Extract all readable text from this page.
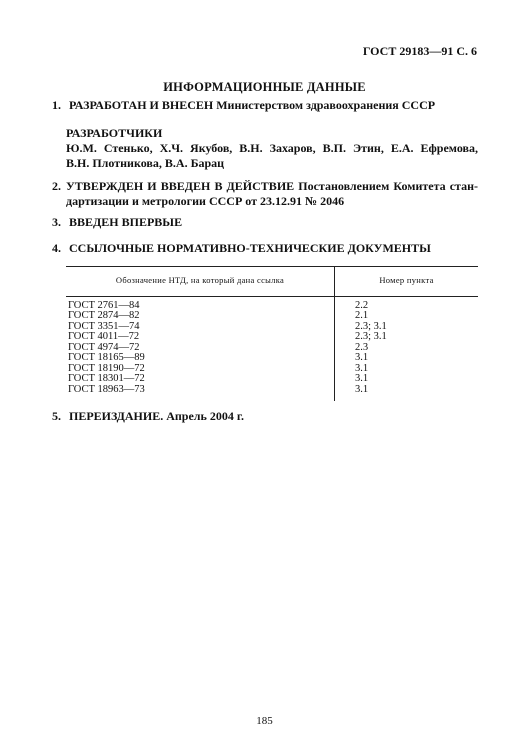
ГОСТ 29183—91 С. 6
ИНФОРМАЦИОННЫЕ ДАННЫЕ
1. РАЗРАБОТАН И ВНЕСЕН Министерством здравоохранения СССР
РАЗРАБОТЧИКИ
Ю.М. Стенько, Х.Ч. Якубов, В.Н. Захаров, В.П. Этин, Е.А. Ефремова,
В.Н. Плотникова, В.А. Барац
2. УТВЕРЖДЕН И ВВЕДЕН В ДЕЙСТВИЕ Постановлением Комитета стан-
дартизации и метрологии СССР от 23.12.91 № 2046
3. ВВЕДЕН ВПЕРВЫЕ
4. ССЫЛОЧНЫЕ НОРМАТИВНО-ТЕХНИЧЕСКИЕ ДОКУМЕНТЫ
Обозначение НТД, на который дана ссылка	Номер пункта
ГОСТ 2761—84	2.2
ГОСТ 2874—82	2.1
ГОСТ 3351—74	2.3; 3.1
ГОСТ 4011—72	2.3; 3.1
ГОСТ 4974—72	2.3
ГОСТ 18165—89	3.1
ГОСТ 18190—72	3.1
ГОСТ 18301—72	3.1
ГОСТ 18963—73	3.1
5. ПЕРЕИЗДАНИЕ. Апрель 2004 г.
185
